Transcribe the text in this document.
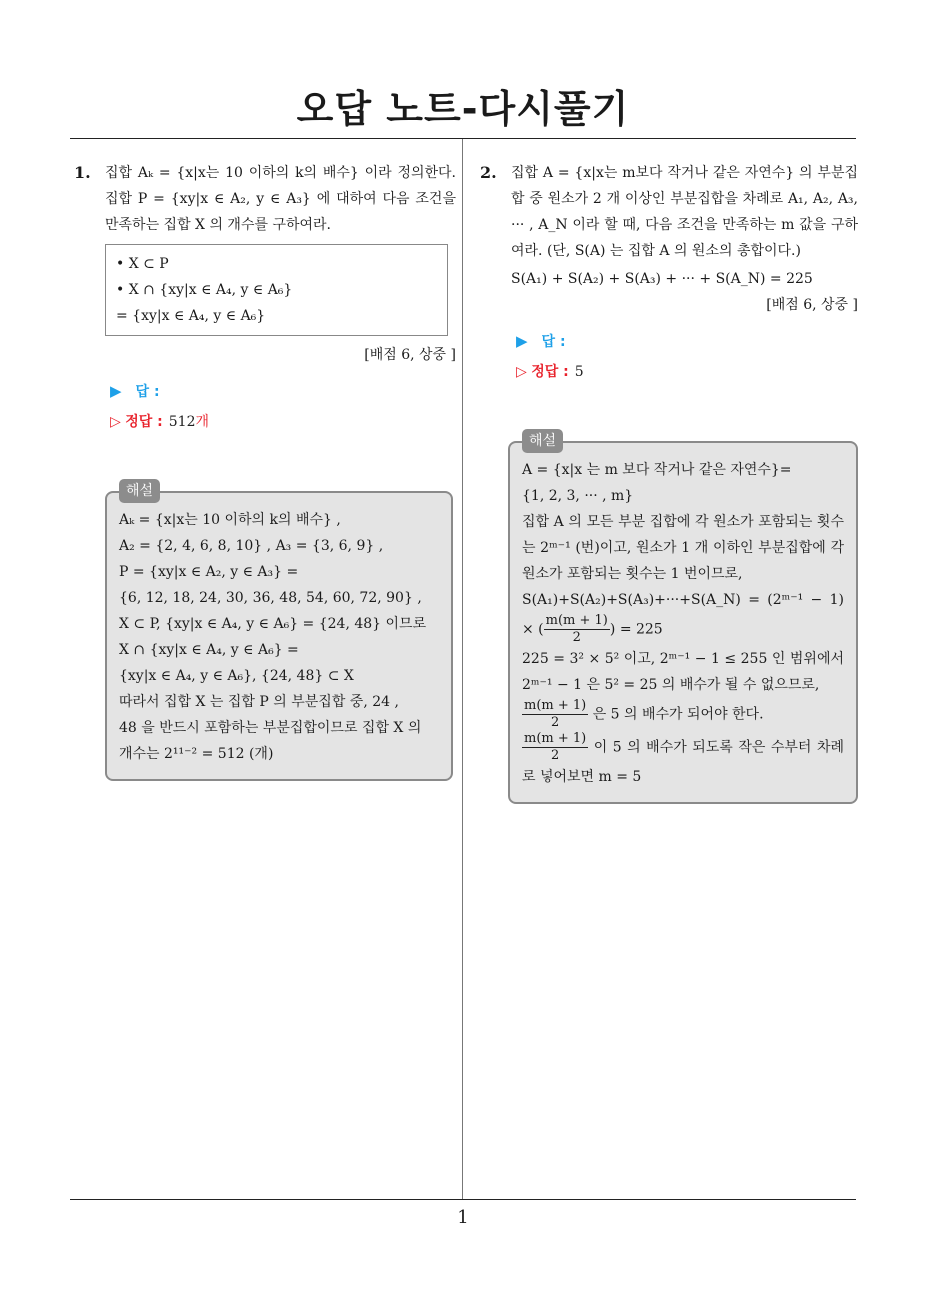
오답 노트-다시풀기
1. 집합 Aₖ = {x|x는 10 이하의 k의 배수} 이라 정의한다. 집합 P = {xy|x ∈ A₂, y ∈ A₃} 에 대하여 다음 조건을 만족하는 집합 X 의 개수를 구하여라.
• X ⊂ P
• X ∩ {xy|x ∈ A₄, y ∈ A₆}
= {xy|x ∈ A₄, y ∈ A₆}
[배점 6, 상중 ]
▶ 답 :
▷ 정답 : 512개
해설
Aₖ = {x|x는 10 이하의 k의 배수} ,
A₂ = {2, 4, 6, 8, 10} , A₃ = {3, 6, 9} ,
P = {xy|x ∈ A₂, y ∈ A₃} =
{6, 12, 18, 24, 30, 36, 48, 54, 60, 72, 90} ,
X ⊂ P, {xy|x ∈ A₄, y ∈ A₆} = {24, 48} 이므로
X ∩ {xy|x ∈ A₄, y ∈ A₆} =
{xy|x ∈ A₄, y ∈ A₆}, {24, 48} ⊂ X
따라서 집합 X 는 집합 P 의 부분집합 중, 24 ,
48 을 반드시 포함하는 부분집합이므로 집합 X 의
개수는 2¹¹⁻² = 512 (개)
2. 집합 A = {x|x는 m보다 작거나 같은 자연수} 의 부분집합 중 원소가 2 개 이상인 부분집합을 차례로 A₁, A₂, A₃, ··· , A_N 이라 할 때, 다음 조건을 만족하는 m 값을 구하여라. (단, S(A) 는 집합 A 의 원소의 총합이다.)
S(A₁) + S(A₂) + S(A₃) + ··· + S(A_N) = 225
[배점 6, 상중 ]
▶ 답 :
▷ 정답 : 5
해설
A = {x|x 는 m 보다 작거나 같은 자연수}=
{1, 2, 3, ··· , m}
집합 A 의 모든 부분 집합에 각 원소가 포함되는 횟수는 2ᵐ⁻¹ (번)이고, 원소가 1 개 이하인 부분집합에 각 원소가 포함되는 횟수는 1 번이므로,
S(A₁)+S(A₂)+S(A₃)+···+S(A_N) = (2ᵐ⁻¹ − 1) × ( $\frac{m(m + 1)}{2}$ ) = 225
225 = 3² × 5² 이고, 2ᵐ⁻¹ − 1 ≤ 255 인 범위에서 2ᵐ⁻¹ − 1 은 5² = 25 의 배수가 될 수 없으므로,
$\frac{m(m + 1)}{2}$ 은 5 의 배수가 되어야 한다.
$\frac{m(m + 1)}{2}$ 이 5 의 배수가 되도록 작은 수부터 차례로 넣어보면 m = 5
1
